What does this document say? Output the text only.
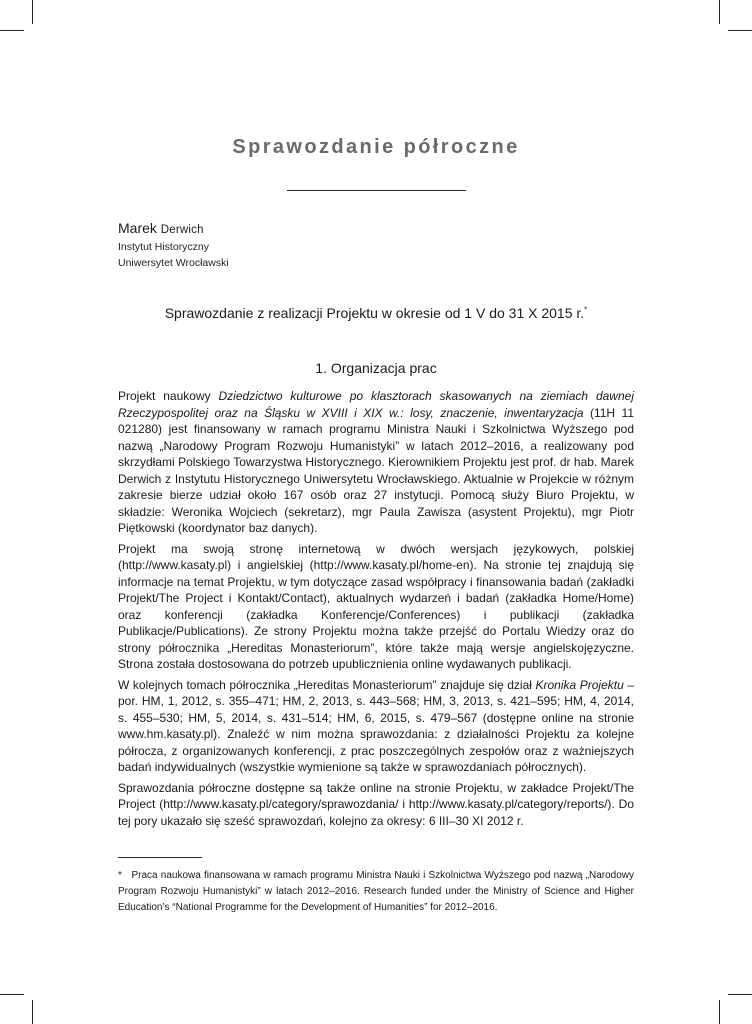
Sprawozdanie półroczne
Marek Derwich
Instytut Historyczny
Uniwersytet Wrocławski
Sprawozdanie z realizacji Projektu w okresie od 1 V do 31 X 2015 r.*
1. Organizacja prac

Projekt naukowy Dziedzictwo kulturowe po klasztorach skasowanych na ziemiach dawnej Rzeczypospolitej oraz na Śląsku w XVIII i XIX w.: losy, znaczenie, inwentaryzacja (11H 11 021280) jest finansowany w ramach programu Ministra Nauki i Szkolnictwa Wyższego pod nazwą „Narodowy Program Rozwoju Humanistyki” w latach 2012–2016, a realizowany pod skrzydłami Polskiego Towarzystwa Historycznego. Kierownikiem Projektu jest prof. dr hab. Marek Derwich z Instytutu Historycznego Uniwersytetu Wrocławskiego. Aktualnie w Projekcie w różnym zakresie bierze udział około 167 osób oraz 27 instytucji. Pomocą służy Biuro Projektu, w składzie: Weronika Wojciech (sekretarz), mgr Paula Zawisza (asystent Projektu), mgr Piotr Piętkowski (koordynator baz danych).

Projekt ma swoją stronę internetową w dwóch wersjach językowych, polskiej (http://www.kasaty.pl) i angielskiej (http://www.kasaty.pl/home-en). Na stronie tej znajdują się informacje na temat Projektu, w tym dotyczące zasad współpracy i finansowania badań (zakładki Projekt/The Project i Kontakt/Contact), aktualnych wydarzeń i badań (zakładka Home/Home) oraz konferencji (zakładka Konferencje/Conferences) i publikacji (zakładka Publikacje/Publications). Ze strony Projektu można także przejść do Portalu Wiedzy oraz do strony półrocznika „Hereditas Monasteriorum”, które także mają wersje angielskojęzyczne. Strona została dostosowana do potrzeb upublicznienia online wydawanych publikacji.

W kolejnych tomach półrocznika „Hereditas Monasteriorum” znajduje się dział Kronika Projektu – por. HM, 1, 2012, s. 355–471; HM, 2, 2013, s. 443–568; HM, 3, 2013, s. 421–595; HM, 4, 2014, s. 455–530; HM, 5, 2014, s. 431–514; HM, 6, 2015, s. 479–567 (dostępne online na stronie www.hm.kasaty.pl). Znaleźć w nim można sprawozdania: z działalności Projektu za kolejne półrocza, z organizowanych konferencji, z prac poszczególnych zespołów oraz z ważniejszych badań indywidualnych (wszystkie wymienione są także w sprawozdaniach półrocznych).

Sprawozdania półroczne dostępne są także online na stronie Projektu, w zakładce Projekt/The Project (http://www.kasaty.pl/category/sprawozdania/ i http://www.kasaty.pl/category/reports/). Do tej pory ukazało się sześć sprawozdań, kolejno za okresy: 6 III–30 XI 2012 r.

* Praca naukowa finansowana w ramach programu Ministra Nauki i Szkolnictwa Wyższego pod nazwą „Narodowy Program Rozwoju Humanistyki” w latach 2012–2016. Research funded under the Ministry of Science and Higher Education’s “National Programme for the Development of Humanities” for 2012–2016.
